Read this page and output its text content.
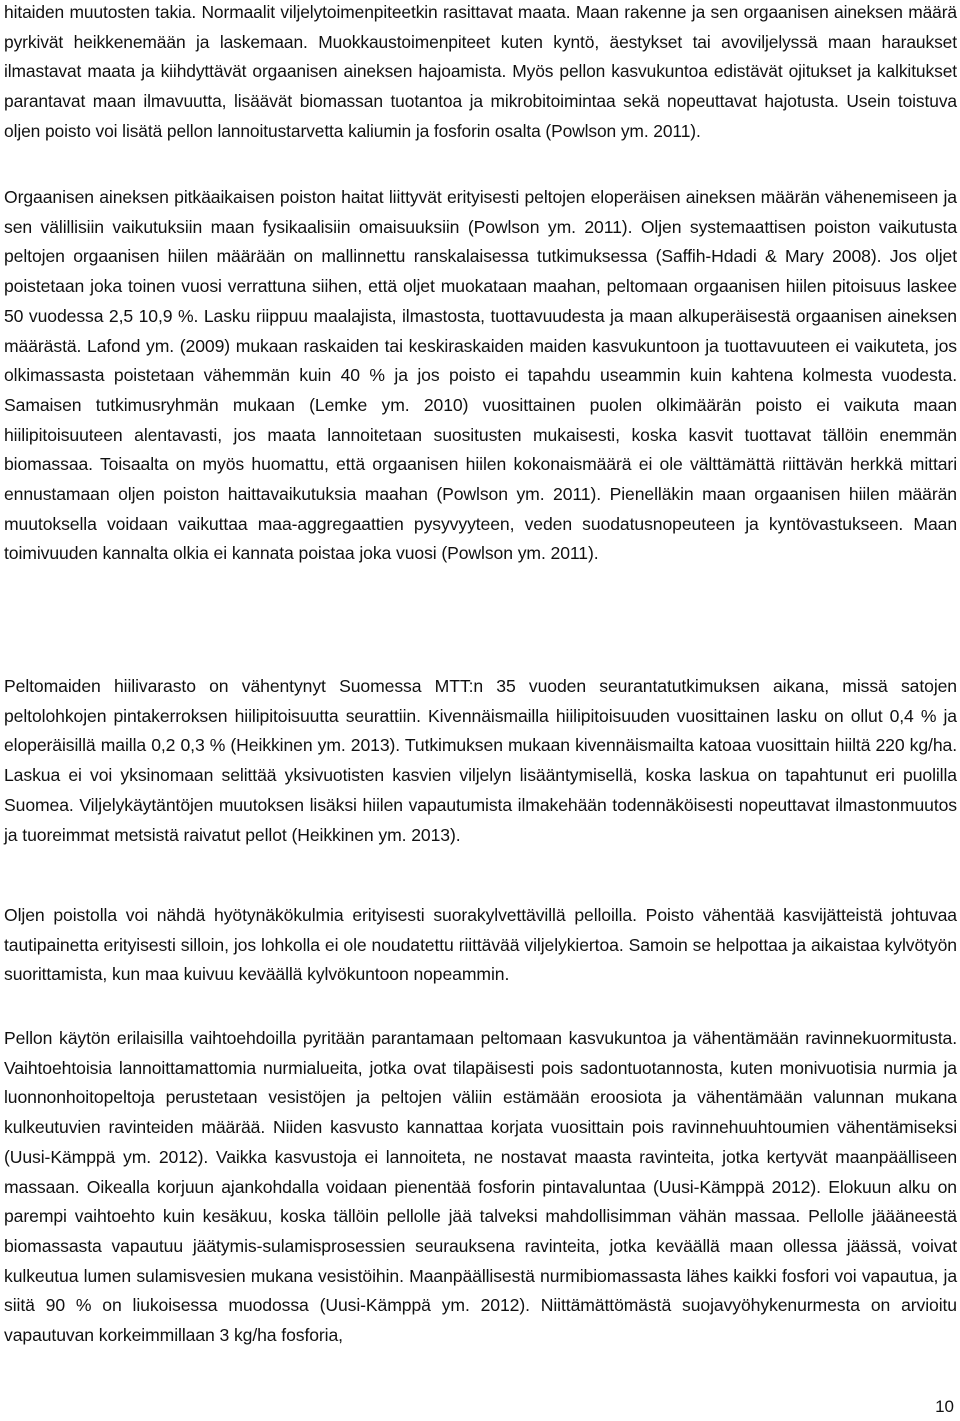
hitaiden muutosten takia. Normaalit viljelytoimenpiteetkin rasittavat maata. Maan rakenne ja sen orgaanisen aineksen määrä pyrkivät heikkenemään ja laskemaan. Muokkaustoimenpiteet kuten kyntö, äestykset tai avoviljelyssä maan haraukset ilmastavat maata ja kiihdyttävät orgaanisen aineksen hajoamista. Myös pellon kasvukuntoa edistävät ojitukset ja kalkitukset parantavat maan ilmavuutta, lisäävät biomassan tuotantoa ja mikrobitoimintaa sekä nopeuttavat hajotusta. Usein toistuva oljen poisto voi lisätä pellon lannoitustarvetta kaliumin ja fosforin osalta (Powlson ym. 2011).

Orgaanisen aineksen pitkäaikaisen poiston haitat liittyvät erityisesti peltojen eloperäisen aineksen määrän vähenemiseen ja sen välillisiin vaikutuksiin maan fysikaalisiin omaisuuksiin (Powlson ym. 2011). Oljen systemaattisen poiston vaikutusta peltojen orgaanisen hiilen määrään on mallinnettu ranskalaisessa tutkimuksessa (Saffih-Hdadi & Mary 2008). Jos oljet poistetaan joka toinen vuosi verrattuna siihen, että oljet muokataan maahan, peltomaan orgaanisen hiilen pitoisuus laskee 50 vuodessa 2,5 10,9 %. Lasku riippuu maalajista, ilmastosta, tuottavuudesta ja maan alkuperäisestä orgaanisen aineksen määrästä. Lafond ym. (2009) mukaan raskaiden tai keskiraskaiden maiden kasvukuntoon ja tuottavuuteen ei vaikuteta, jos olkimassasta poistetaan vähemmän kuin 40 % ja jos poisto ei tapahdu useammin kuin kahtena kolmesta vuodesta. Samaisen tutkimusryhmän mukaan (Lemke ym. 2010) vuosittainen puolen olkimäärän poisto ei vaikuta maan hiilipitoisuuteen alentavasti, jos maata lannoitetaan suositusten mukaisesti, koska kasvit tuottavat tällöin enemmän biomassaa. Toisaalta on myös huomattu, että orgaanisen hiilen kokonaismäärä ei ole välttämättä riittävän herkkä mittari ennustamaan oljen poiston haittavaikutuksia maahan (Powlson ym. 2011). Pienelläkin maan orgaanisen hiilen määrän muutoksella voidaan vaikuttaa maa-aggregaattien pysyvyyteen, veden suodatusnopeuteen ja kyntövastukseen. Maan toimivuuden kannalta olkia ei kannata poistaa joka vuosi (Powlson ym. 2011).

Peltomaiden hiilivarasto on vähentynyt Suomessa MTT:n 35 vuoden seurantatutkimuksen aikana, missä satojen peltolohkojen pintakerroksen hiilipitoisuutta seurattiin. Kivennäismailla hiilipitoisuuden vuosittainen lasku on ollut 0,4 % ja eloperäisillä mailla 0,2 0,3 % (Heikkinen ym. 2013). Tutkimuksen mukaan kivennäismailta katoaa vuosittain hiiltä 220 kg/ha. Laskua ei voi yksinomaan selittää yksivuotisten kasvien viljelyn lisääntymisellä, koska laskua on tapahtunut eri puolilla Suomea. Viljelykäytäntöjen muutoksen lisäksi hiilen vapautumista ilmakehään todennäköisesti nopeuttavat ilmastonmuutos ja tuoreimmat metsistä raivatut pellot (Heikkinen ym. 2013).

Oljen poistolla voi nähdä hyötynäkökulmia erityisesti suorakylvettävillä pelloilla. Poisto vähentää kasvijätteistä johtuvaa tautipainetta erityisesti silloin, jos lohkolla ei ole noudatettu riittävää viljelykiertoa. Samoin se helpottaa ja aikaistaa kylvötyön suorittamista, kun maa kuivuu keväällä kylvökuntoon nopeammin.

Pellon käytön erilaisilla vaihtoehdoilla pyritään parantamaan peltomaan kasvukuntoa ja vähentämään ravinnekuormitusta. Vaihtoehtoisia lannoittamattomia nurmialueita, jotka ovat tilapäisesti pois sadontuotannosta, kuten monivuotisia nurmia ja luonnonhoitopeltoja perustetaan vesistöjen ja peltojen väliin estämään eroosiota ja vähentämään valunnan mukana kulkeutuvien ravinteiden määrää. Niiden kasvusto kannattaa korjata vuosittain pois ravinnehuuhtoumien vähentämiseksi (Uusi-Kämppä ym. 2012). Vaikka kasvustoja ei lannoiteta, ne nostavat maasta ravinteita, jotka kertyvät maanpäälliseen massaan. Oikealla korjuun ajankohdalla voidaan pienentää fosforin pintavaluntaa (Uusi-Kämppä 2012). Elokuun alku on parempi vaihtoehto kuin kesäkuu, koska tällöin pellolle jää talveksi mahdollisimman vähän massaa. Pellolle jäääneestä biomassasta vapautuu jäätymis-sulamisprosessien seurauksena ravinteita, jotka keväällä maan ollessa jäässä, voivat kulkeutua lumen sulamisvesien mukana vesistöihin. Maanpäällisestä nurmibiomassasta lähes kaikki fosfori voi vapautua, ja siitä 90 % on liukoisessa muodossa (Uusi-Kämppä ym. 2012). Niittämättömästä suojavyöhykenurmesta on arvioitu vapautuvan korkeimmillaan 3 kg/ha fosforia,

10
